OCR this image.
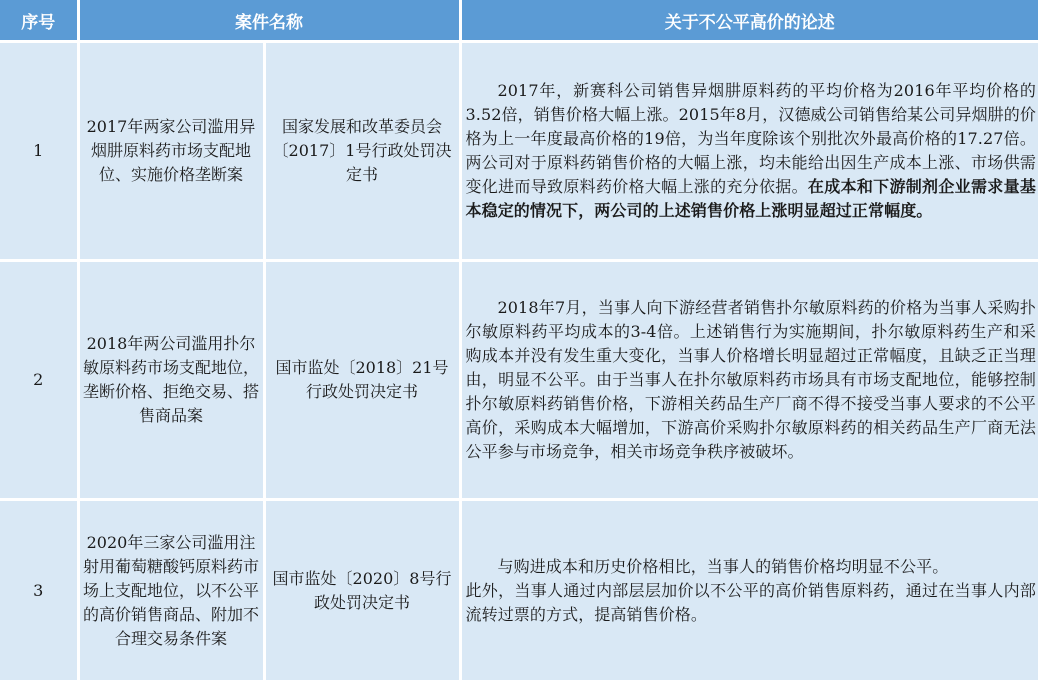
序号	案件名称		关于不公平高价的论述
1	2017年两家公司滥用异烟肼原料药市场支配地位、实施价格垄断案	国家发展和改革委员会〔2017〕1号行政处罚决定书	2017年，新赛科公司销售异烟肼原料药的平均价格为2016年平均价格的3.52倍，销售价格大幅上涨。2015年8月，汉德威公司销售给某公司异烟肼的价格为上一年度最高价格的19倍，为当年度除该个别批次外最高价格的17.27倍。两公司对于原料药销售价格的大幅上涨，均未能给出因生产成本上涨、市场供需变化进而导致原料药价格大幅上涨的充分依据。在成本和下游制剂企业需求量基本稳定的情况下，两公司的上述销售价格上涨明显超过正常幅度。
2	2018年两公司滥用扑尔敏原料药市场支配地位，垄断价格、拒绝交易、搭售商品案	国市监处〔2018〕21号行政处罚决定书	2018年7月，当事人向下游经营者销售扑尔敏原料药的价格为当事人采购扑尔敏原料药平均成本的3-4倍。上述销售行为实施期间，扑尔敏原料药生产和采购成本并没有发生重大变化，当事人价格增长明显超过正常幅度，且缺乏正当理由，明显不公平。由于当事人在扑尔敏原料药市场具有市场支配地位，能够控制扑尔敏原料药销售价格，下游相关药品生产厂商不得不接受当事人要求的不公平高价，采购成本大幅增加，下游高价采购扑尔敏原料药的相关药品生产厂商无法公平参与市场竞争，相关市场竞争秩序被破坏。
3	2020年三家公司滥用注射用葡萄糖酸钙原料药市场上支配地位，以不公平的高价销售商品、附加不合理交易条件案	国市监处〔2020〕8号行政处罚决定书	与购进成本和历史价格相比，当事人的销售价格均明显不公平。
此外，当事人通过内部层层加价以不公平的高价销售原料药，通过在当事人内部流转过票的方式，提高销售价格。
